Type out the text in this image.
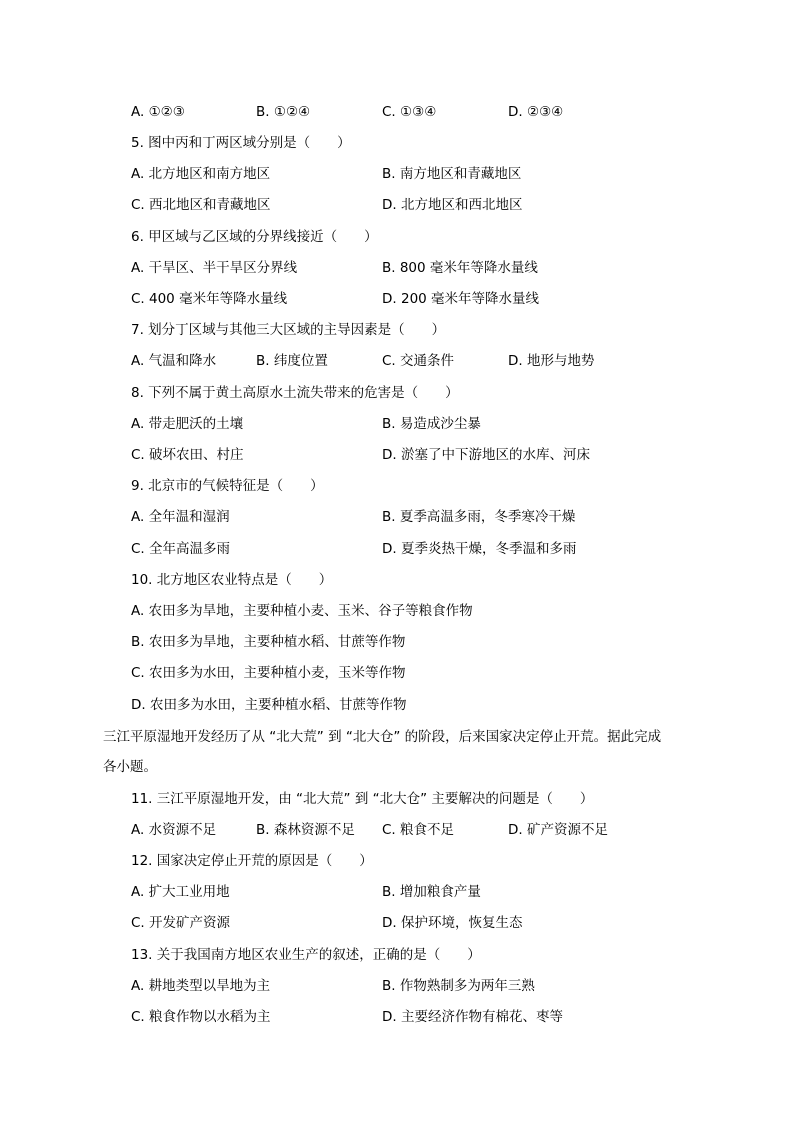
A. ①②③	B. ①②④	C. ①③④	D. ②③④
5. 图中丙和丁两区域分别是（　　）
A. 北方地区和南方地区	B. 南方地区和青藏地区
C. 西北地区和青藏地区	D. 北方地区和西北地区
6. 甲区域与乙区域的分界线接近（　　）
A. 干旱区、半干旱区分界线	B. 800 毫米年等降水量线
C. 400 毫米年等降水量线	D. 200 毫米年等降水量线
7. 划分丁区域与其他三大区域的主导因素是（　　）
A. 气温和降水	B. 纬度位置	C. 交通条件	D. 地形与地势
8. 下列不属于黄土高原水土流失带来的危害是（　　）
A. 带走肥沃的土壤	B. 易造成沙尘暴
C. 破坏农田、村庄	D. 淤塞了中下游地区的水库、河床
9. 北京市的气候特征是（　　）
A. 全年温和湿润	B. 夏季高温多雨，冬季寒冷干燥
C. 全年高温多雨	D. 夏季炎热干燥，冬季温和多雨
10. 北方地区农业特点是（　　）
A. 农田多为旱地，主要种植小麦、玉米、谷子等粮食作物
B. 农田多为旱地，主要种植水稻、甘蔗等作物
C. 农田多为水田，主要种植小麦，玉米等作物
D. 农田多为水田，主要种植水稻、甘蔗等作物
三江平原湿地开发经历了从 “北大荒” 到 “北大仓” 的阶段，后来国家决定停止开荒。据此完成
各小题。
11. 三江平原湿地开发，由 “北大荒” 到 “北大仓” 主要解决的问题是（　　）
A. 水资源不足	B. 森林资源不足 C. 粮食不足	D. 矿产资源不足
12. 国家决定停止开荒的原因是（　　）
A. 扩大工业用地	B. 增加粮食产量
C. 开发矿产资源	D. 保护环境，恢复生态
13. 关于我国南方地区农业生产的叙述，正确的是（　　）
A. 耕地类型以旱地为主	B. 作物熟制多为两年三熟
C. 粮食作物以水稻为主	D. 主要经济作物有棉花、枣等
